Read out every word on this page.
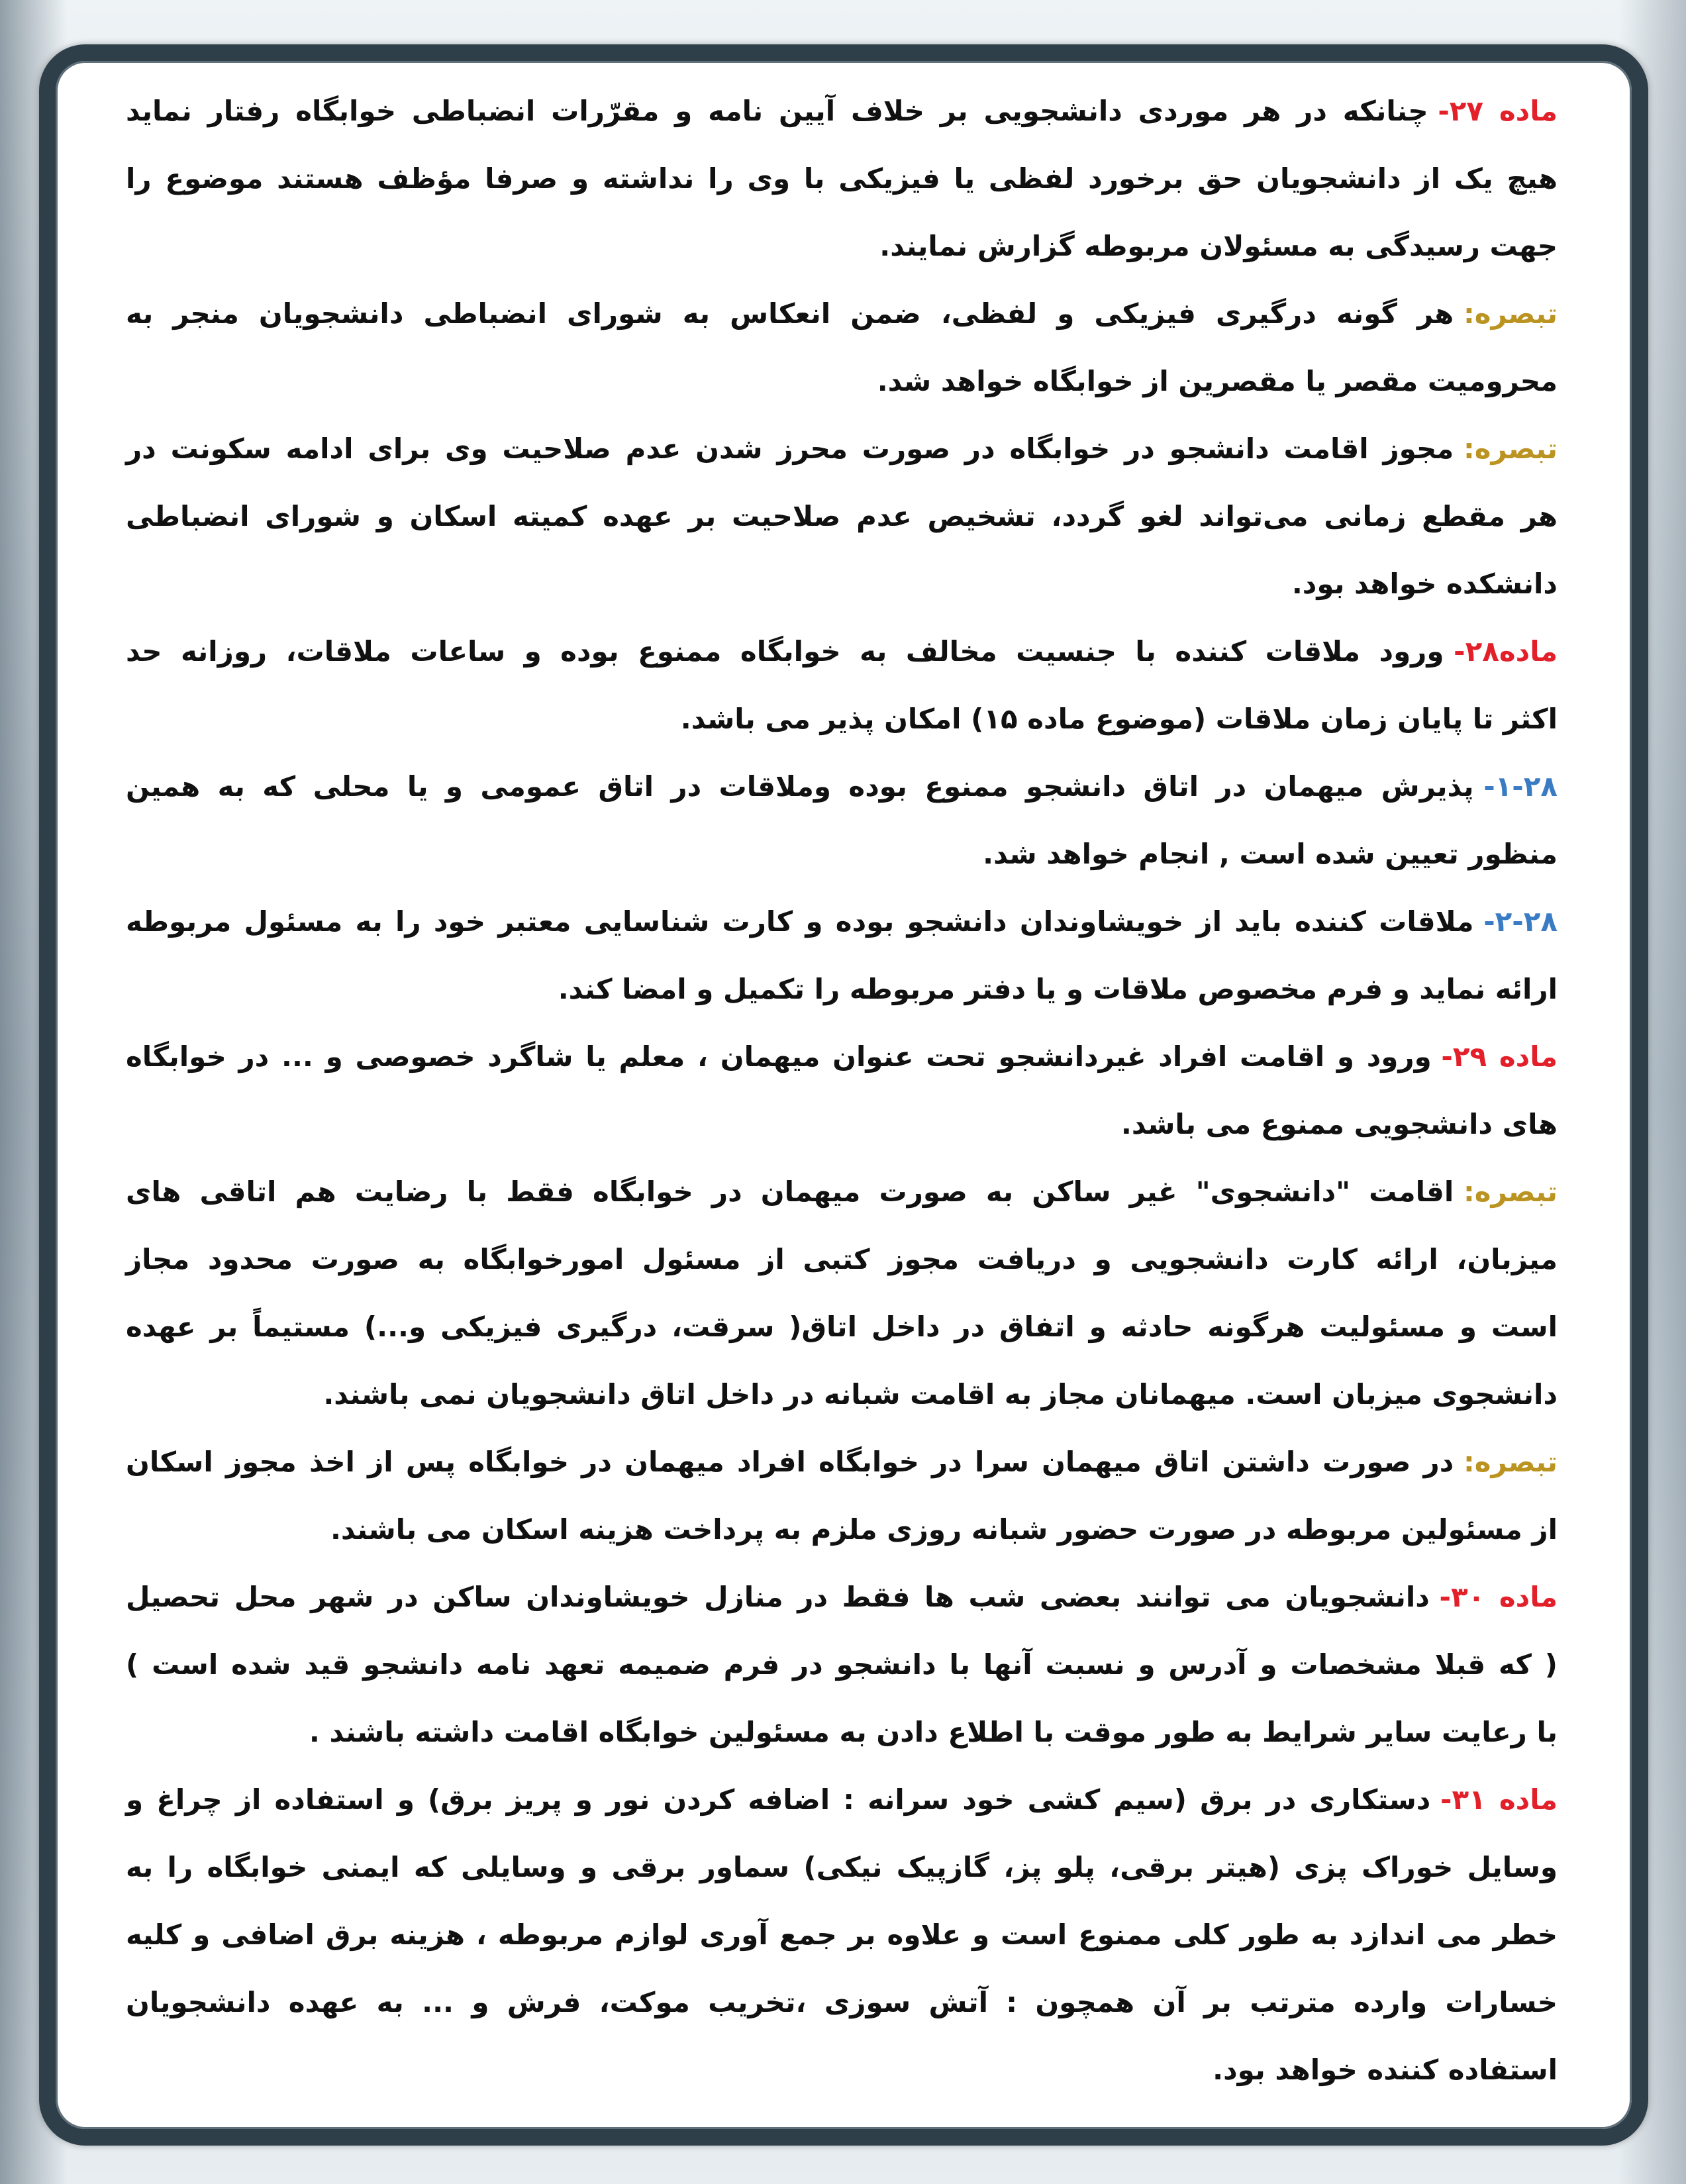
ماده ۲۷-چنانکه در هر موردی دانشجویی بر خلاف آیین نامه و مقرّرات انضباطی خوابگاه رفتار نماید
هیچ یک از دانشجویان حق برخورد لفظی یا فیزیکی با وی را نداشته و صرفا مؤظف هستند موضوع را
جهت رسیدگی به مسئولان مربوطه گزارش نمایند.
تبصره:هر گونه درگیری فیزیکی و لفظی، ضمن انعکاس به شورای انضباطی دانشجویان منجر به
محرومیت مقصر یا مقصرین از خوابگاه خواهد شد.
تبصره:مجوز اقامت دانشجو در خوابگاه در صورت محرز شدن عدم صلاحیت وی برای ادامه سکونت در
هر مقطع زمانی می‌تواند لغو گردد، تشخیص عدم صلاحیت بر عهده کمیته اسکان و شورای انضباطی
دانشکده خواهد بود.
ماده۲۸-ورود ملاقات کننده با جنسیت مخالف به خوابگاه ممنوع بوده و ساعات ملاقات، روزانه حد
اکثر تا پایان زمان ملاقات (موضوع ماده ۱۵) امکان پذیر می باشد.
۱-۲۸-پذیرش میهمان در اتاق دانشجو ممنوع بوده وملاقات در اتاق عمومی و یا محلی که به همین
منظور تعیین شده است , انجام خواهد شد.
۲-۲۸-ملاقات کننده باید از خویشاوندان دانشجو بوده و کارت شناسایی معتبر خود را به مسئول مربوطه
ارائه نماید و فرم مخصوص ملاقات و یا دفتر مربوطه را تکمیل و امضا کند.
ماده ۲۹-ورود و اقامت افراد غیردانشجو تحت عنوان میهمان ، معلم یا شاگرد خصوصی و ... در خوابگاه
های دانشجویی ممنوع می باشد.
تبصره:اقامت "دانشجوی" غیر ساکن به صورت میهمان در خوابگاه فقط با رضایت هم اتاقی های
میزبان، ارائه کارت دانشجویی و دریافت مجوز کتبی از مسئول امورخوابگاه به صورت محدود مجاز
است و مسئولیت هرگونه حادثه و اتفاق در داخل اتاق( سرقت، درگیری فیزیکی و...) مستیماً بر عهده
دانشجوی میزبان است. میهمانان مجاز به اقامت شبانه در داخل اتاق دانشجویان نمی باشند.
تبصره:در صورت داشتن اتاق میهمان سرا در خوابگاه افراد میهمان در خوابگاه پس از اخذ مجوز اسکان
از مسئولین مربوطه در صورت حضور شبانه روزی ملزم به پرداخت هزینه اسکان می باشند.
ماده ۳۰-دانشجویان می توانند بعضی شب ها فقط در منازل خویشاوندان ساکن در شهر محل تحصیل
( که قبلا مشخصات و آدرس و نسبت آنها با دانشجو در فرم ضمیمه تعهد نامه دانشجو قید شده است )
با رعایت سایر شرایط به طور موقت با اطلاع دادن به مسئولین خوابگاه اقامت داشته باشند .
ماده ۳۱-دستکاری در برق (سیم کشی خود سرانه : اضافه کردن نور و پریز برق) و استفاده از چراغ و
وسایل خوراک پزی (هیتر برقی، پلو پز، گازپیک نیکی) سماور برقی و وسایلی که ایمنی خوابگاه را به
خطر می اندازد به طور کلی ممنوع است و علاوه بر جمع آوری لوازم مربوطه ، هزینه برق اضافی و کلیه
خسارات وارده مترتب بر آن همچون : آتش سوزی ،تخریب موکت، فرش و ... به عهده دانشجویان
استفاده کننده خواهد بود.
